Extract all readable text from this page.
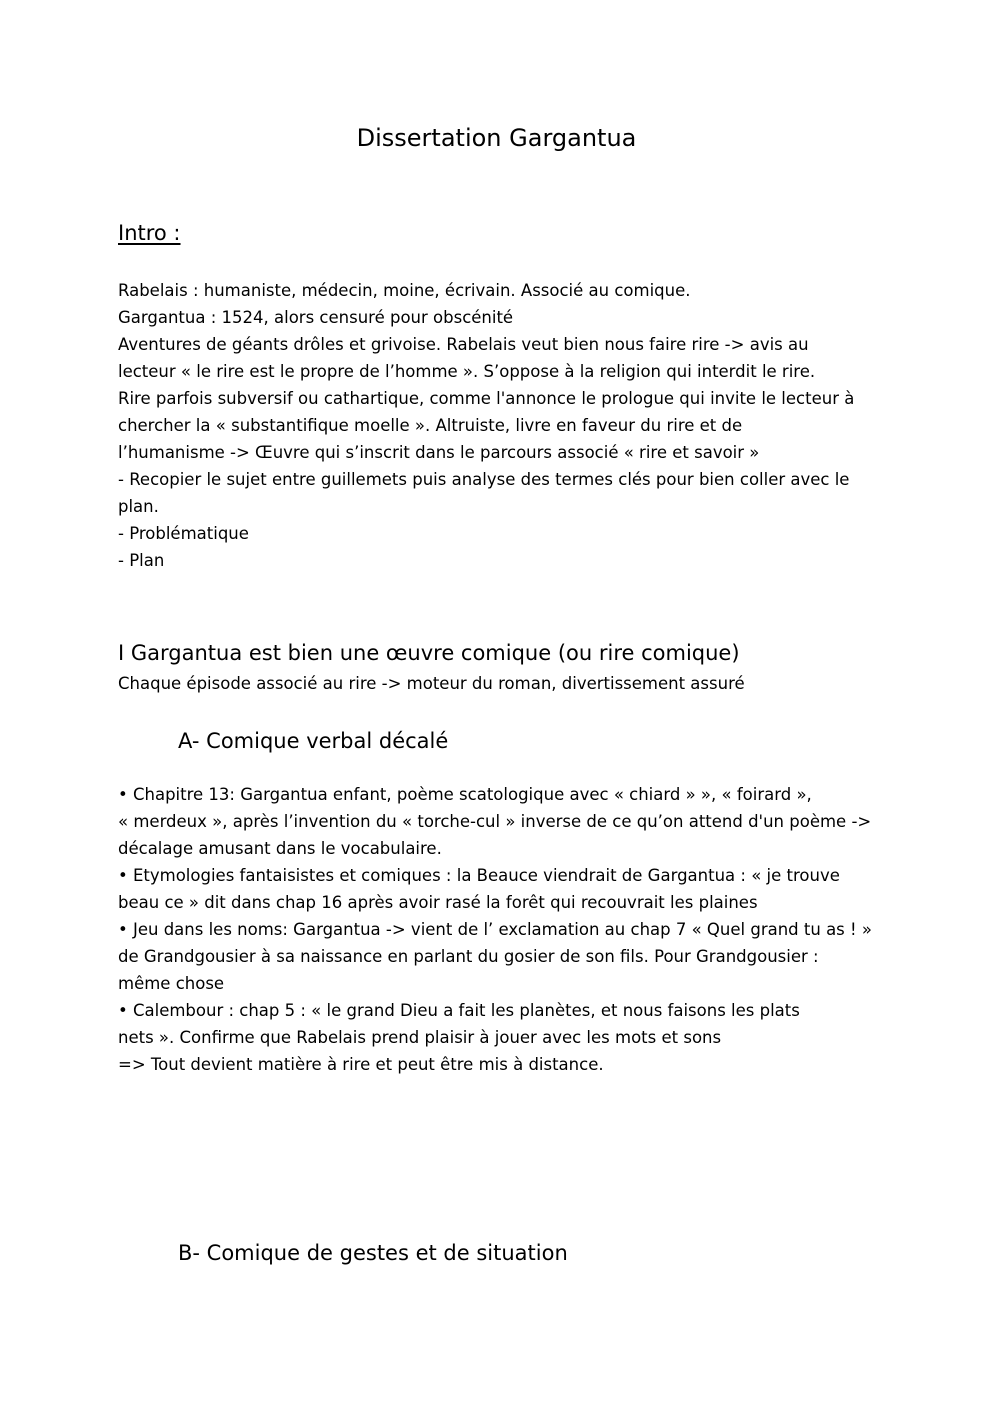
Dissertation Gargantua
Intro :
Rabelais : humaniste, médecin, moine, écrivain. Associé au comique.
Gargantua : 1524, alors censuré pour obscénité
Aventures de géants drôles et grivoise. Rabelais veut bien nous faire rire -> avis au
lecteur « le rire est le propre de l’homme ». S’oppose à la religion qui interdit le rire.
Rire parfois subversif ou cathartique, comme l'annonce le prologue qui invite le lecteur à
chercher la « substantifique moelle ». Altruiste, livre en faveur du rire et de
l’humanisme -> Œuvre qui s’inscrit dans le parcours associé « rire et savoir »
- Recopier le sujet entre guillemets puis analyse des termes clés pour bien coller avec le
plan.
- Problématique
- Plan
I Gargantua est bien une œuvre comique (ou rire comique)
Chaque épisode associé au rire -> moteur du roman, divertissement assuré
A- Comique verbal décalé
• Chapitre 13: Gargantua enfant, poème scatologique avec « chiard » », « foirard »,
« merdeux », après l’invention du « torche-cul » inverse de ce qu’on attend d'un poème ->
décalage amusant dans le vocabulaire.
• Etymologies fantaisistes et comiques : la Beauce viendrait de Gargantua : « je trouve
beau ce » dit dans chap 16 après avoir rasé la forêt qui recouvrait les plaines
• Jeu dans les noms: Gargantua -> vient de l’ exclamation au chap 7 « Quel grand tu as ! »
de Grandgousier à sa naissance en parlant du gosier de son fils. Pour Grandgousier :
même chose
• Calembour : chap 5 : « le grand Dieu a fait les planètes, et nous faisons les plats
nets ». Confirme que Rabelais prend plaisir à jouer avec les mots et sons
=> Tout devient matière à rire et peut être mis à distance.
B- Comique de gestes et de situation
